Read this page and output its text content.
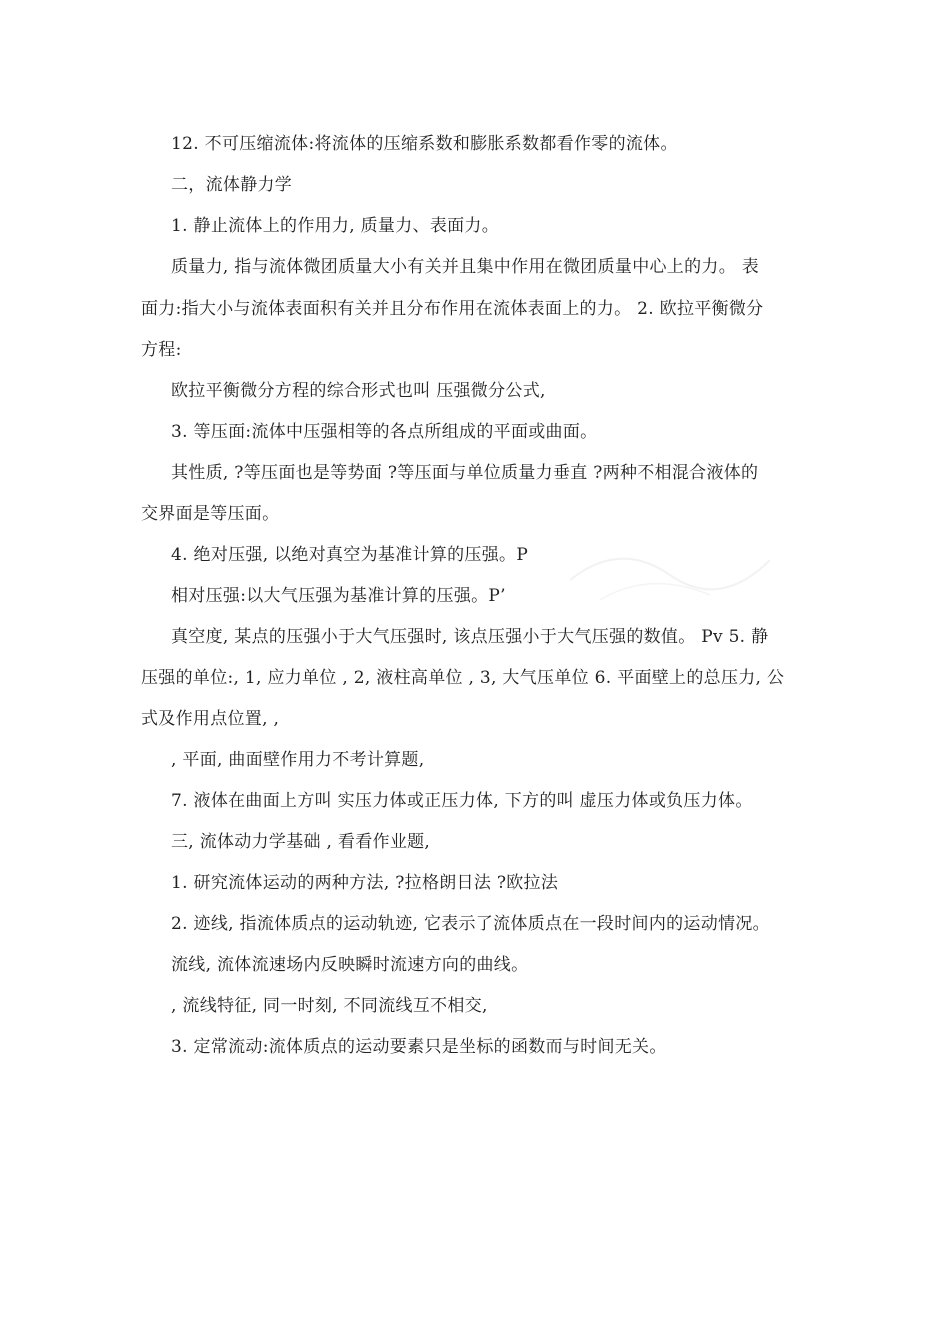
12. 不可压缩流体:将流体的压缩系数和膨胀系数都看作零的流体。
二，流体静力学
1. 静止流体上的作用力, 质量力、表面力。
质量力, 指与流体微团质量大小有关并且集中作用在微团质量中心上的力。 表
面力:指大小与流体表面积有关并且分布作用在流体表面上的力。 2. 欧拉平衡微分
方程:
欧拉平衡微分方程的综合形式也叫 压强微分公式,
3. 等压面:流体中压强相等的各点所组成的平面或曲面。
其性质, ?等压面也是等势面 ?等压面与单位质量力垂直 ?两种不相混合液体的
交界面是等压面。
4. 绝对压强, 以绝对真空为基准计算的压强。P
相对压强:以大气压强为基准计算的压强。P’
真空度, 某点的压强小于大气压强时, 该点压强小于大气压强的数值。 Pv 5. 静
压强的单位:, 1, 应力单位 , 2, 液柱高单位 , 3, 大气压单位 6. 平面壁上的总压力, 公
式及作用点位置, ,
, 平面, 曲面壁作用力不考计算题,
7. 液体在曲面上方叫 实压力体或正压力体, 下方的叫 虚压力体或负压力体。
三, 流体动力学基础 , 看看作业题,
1. 研究流体运动的两种方法, ?拉格朗日法 ?欧拉法
2. 迹线, 指流体质点的运动轨迹, 它表示了流体质点在一段时间内的运动情况。
流线, 流体流速场内反映瞬时流速方向的曲线。
, 流线特征, 同一时刻, 不同流线互不相交,
3. 定常流动:流体质点的运动要素只是坐标的函数而与时间无关。
